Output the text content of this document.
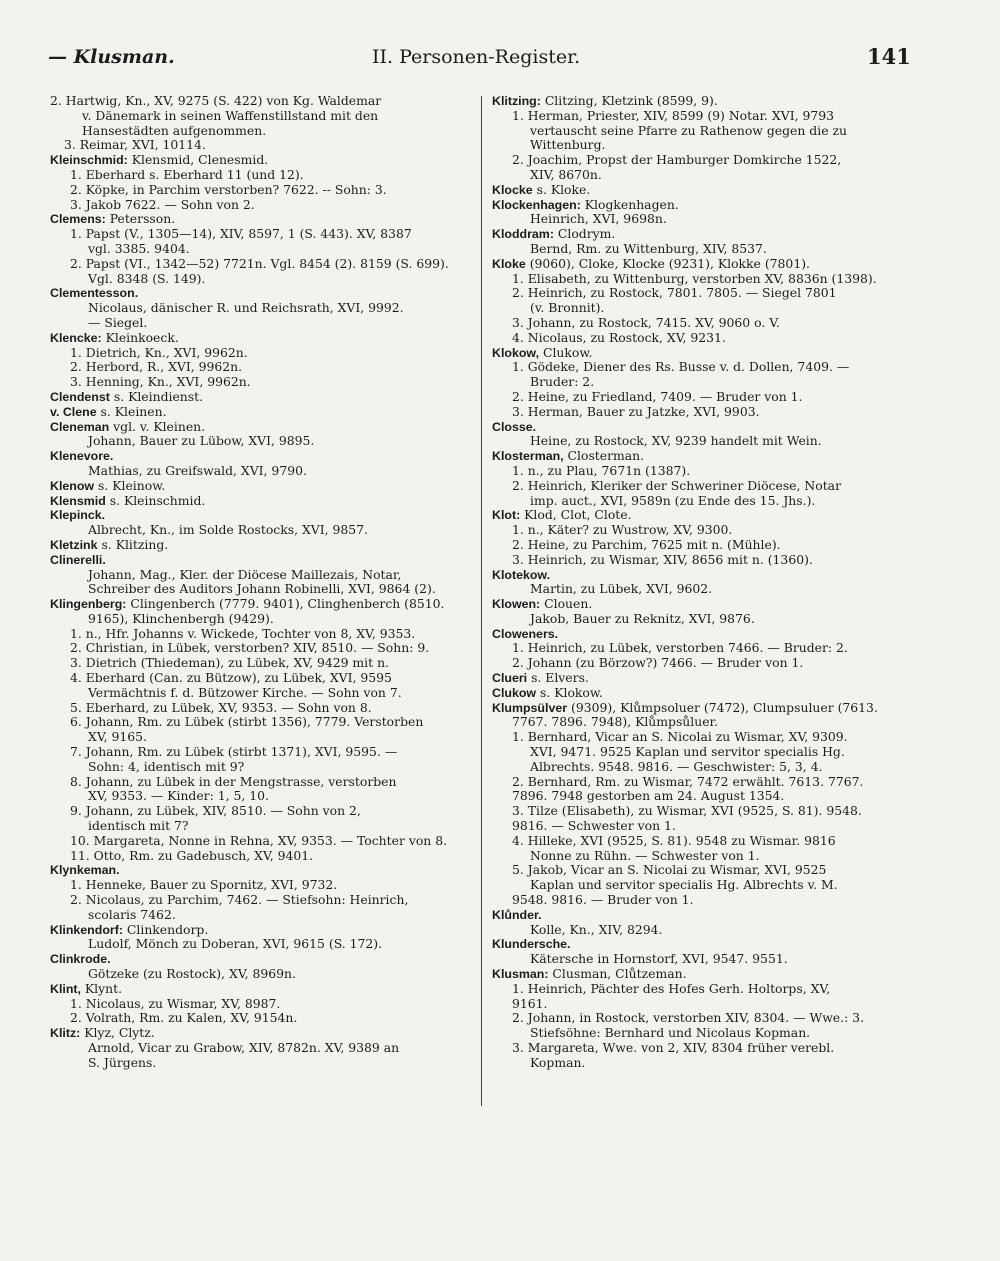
— Klusman.	II. Personen-Register.	141
2. Hartwig, Kn., XV, 9275 (S. 422) von Kg. Waldemar
v. Dänemark in seinen Waffenstillstand mit den
Hansestädten aufgenommen.
3. Reimar, XVI, 10114.
Kleinschmid: Klensmid, Clenesmid.
1. Eberhard s. Eberhard 11 (und 12).
2. Köpke, in Parchim verstorben? 7622. -- Sohn: 3.
3. Jakob 7622. — Sohn von 2.
Clemens: Petersson.
1. Papst (V., 1305—14), XIV, 8597, 1 (S. 443). XV, 8387
vgl. 3385. 9404.
2. Papst (VI., 1342—52) 7721n. Vgl. 8454 (2). 8159 (S. 699).
Vgl. 8348 (S. 149).
Clementesson.
Nicolaus, dänischer R. und Reichsrath, XVI, 9992.
— Siegel.
Klencke: Kleinkoeck.
1. Dietrich, Kn., XVI, 9962n.
2. Herbord, R., XVI, 9962n.
3. Henning, Kn., XVI, 9962n.
Clendenst s. Kleindienst.
v. Clene s. Kleinen.
Cleneman vgl. v. Kleinen.
Johann, Bauer zu Lübow, XVI, 9895.
Klenevore.
Mathias, zu Greifswald, XVI, 9790.
Klenow s. Kleinow.
Klensmid s. Kleinschmid.
Klepinck.
Albrecht, Kn., im Solde Rostocks, XVI, 9857.
Kletzink s. Klitzing.
Clinerelli.
Johann, Mag., Kler. der Diöcese Maillezais, Notar,
Schreiber des Auditors Johann Robinelli, XVI, 9864 (2).
Klingenberg: Clingenberch (7779. 9401), Clinghenberch (8510.
9165), Klinchenbergh (9429).
1. n., Hfr. Johanns v. Wickede, Tochter von 8, XV, 9353.
2. Christian, in Lübek, verstorben? XIV, 8510. — Sohn: 9.
3. Dietrich (Thiedeman), zu Lübek, XV, 9429 mit n.
4. Eberhard (Can. zu Bützow), zu Lübek, XVI, 9595
Vermächtnis f. d. Bützower Kirche. — Sohn von 7.
5. Eberhard, zu Lübek, XV, 9353. — Sohn von 8.
6. Johann, Rm. zu Lübek (stirbt 1356), 7779. Verstorben
XV, 9165.
7. Johann, Rm. zu Lübek (stirbt 1371), XVI, 9595. —
Sohn: 4, identisch mit 9?
8. Johann, zu Lübek in der Mengstrasse, verstorben
XV, 9353. — Kinder: 1, 5, 10.
9. Johann, zu Lübek, XIV, 8510. — Sohn von 2,
identisch mit 7?
10. Margareta, Nonne in Rehna, XV, 9353. — Tochter von 8.
11. Otto, Rm. zu Gadebusch, XV, 9401.
Klynkeman.
1. Henneke, Bauer zu Spornitz, XVI, 9732.
2. Nicolaus, zu Parchim, 7462. — Stiefsohn: Heinrich,
scolaris 7462.
Klinkendorf: Clinkendorp.
Ludolf, Mönch zu Doberan, XVI, 9615 (S. 172).
Clinkrode.
Götzeke (zu Rostock), XV, 8969n.
Klint, Klynt.
1. Nicolaus, zu Wismar, XV, 8987.
2. Volrath, Rm. zu Kalen, XV, 9154n.
Klitz: Klyz, Clytz.
Arnold, Vicar zu Grabow, XIV, 8782n. XV, 9389 an
S. Jürgens.
Klitzing: Clitzing, Kletzink (8599, 9).
1. Herman, Priester, XIV, 8599 (9) Notar. XVI, 9793
vertauscht seine Pfarre zu Rathenow gegen die zu
Wittenburg.
2. Joachim, Propst der Hamburger Domkirche 1522,
XIV, 8670n.
Klocke s. Kloke.
Klockenhagen: Klogkenhagen.
Heinrich, XVI, 9698n.
Kloddram: Clodrym.
Bernd, Rm. zu Wittenburg, XIV, 8537.
Kloke (9060), Cloke, Klocke (9231), Klokke (7801).
1. Elisabeth, zu Wittenburg, verstorben XV, 8836n (1398).
2. Heinrich, zu Rostock, 7801. 7805. — Siegel 7801
(v. Bronnit).
3. Johann, zu Rostock, 7415. XV, 9060 o. V.
4. Nicolaus, zu Rostock, XV, 9231.
Klokow, Clukow.
1. Gödeke, Diener des Rs. Busse v. d. Dollen, 7409. —
Bruder: 2.
2. Heine, zu Friedland, 7409. — Bruder von 1.
3. Herman, Bauer zu Jatzke, XVI, 9903.
Closse.
Heine, zu Rostock, XV, 9239 handelt mit Wein.
Klosterman, Closterman.
1. n., zu Plau, 7671n (1387).
2. Heinrich, Kleriker der Schweriner Diöcese, Notar
imp. auct., XVI, 9589n (zu Ende des 15. Jhs.).
Klot: Klod, Clot, Clote.
1. n., Käter? zu Wustrow, XV, 9300.
2. Heine, zu Parchim, 7625 mit n. (Mühle).
3. Heinrich, zu Wismar, XIV, 8656 mit n. (1360).
Klotekow.
Martin, zu Lübek, XVI, 9602.
Klowen: Clouen.
Jakob, Bauer zu Reknitz, XVI, 9876.
Cloweners.
1. Heinrich, zu Lübek, verstorben 7466. — Bruder: 2.
2. Johann (zu Börzow?) 7466. — Bruder von 1.
Clueri s. Elvers.
Clukow s. Klokow.
Klumpsülver (9309), Klůmpsoluer (7472), Clumpsuluer (7613.
7767. 7896. 7948), Klůmpsůluer.
1. Bernhard, Vicar an S. Nicolai zu Wismar, XV, 9309.
XVI, 9471. 9525 Kaplan und servitor specialis Hg.
Albrechts. 9548. 9816. — Geschwister: 5, 3, 4.
2. Bernhard, Rm. zu Wismar, 7472 erwählt. 7613. 7767.
7896. 7948 gestorben am 24. August 1354.
3. Tilze (Elisabeth), zu Wismar, XVI (9525, S. 81). 9548.
9816. — Schwester von 1.
4. Hilleke, XVI (9525, S. 81). 9548 zu Wismar. 9816
Nonne zu Rühn. — Schwester von 1.
5. Jakob, Vicar an S. Nicolai zu Wismar, XVI, 9525
Kaplan und servitor specialis Hg. Albrechts v. M.
9548. 9816. — Bruder von 1.
Klůnder.
Kolle, Kn., XIV, 8294.
Klundersche.
Kätersche in Hornstorf, XVI, 9547. 9551.
Klusman: Clusman, Clůtzeman.
1. Heinrich, Pächter des Hofes Gerh. Holtorps, XV,
9161.
2. Johann, in Rostock, verstorben XIV, 8304. — Wwe.: 3.
Stiefsöhne: Bernhard und Nicolaus Kopman.
3. Margareta, Wwe. von 2, XIV, 8304 früher verebl.
Kopman.
